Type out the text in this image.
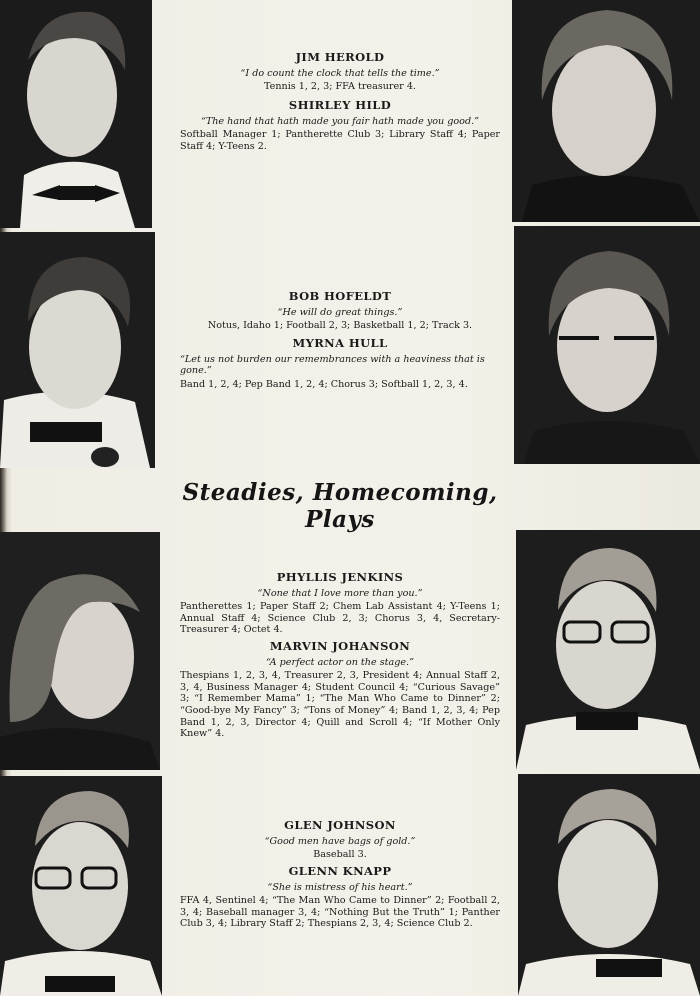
JIM HEROLD
“I do count the clock that tells the time.”
Tennis 1, 2, 3; FFA treasurer 4.
SHIRLEY HILD
“The hand that hath made you fair hath made you good.”
Softball Manager 1; Pantherette Club 3; Library Staff 4; Paper Staff 4; Y-Teens 2.
BOB HOFELDT
“He will do great things.”
Notus, Idaho 1; Football 2, 3; Basketball 1, 2; Track 3.
MYRNA HULL
“Let us not burden our remembrances with a heaviness that is gone.”
Band 1, 2, 4; Pep Band 1, 2, 4; Chorus 3; Softball 1, 2, 3, 4.
Steadies, Homecoming, Plays
PHYLLIS JENKINS
“None that I love more than you.”
Pantherettes 1; Paper Staff 2; Chem Lab Assistant 4; Y-Teens 1; Annual Staff 4; Science Club 2, 3; Chorus 3, 4, Secretary-Treasurer 4; Octet 4.
MARVIN JOHANSON
“A perfect actor on the stage.”
Thespians 1, 2, 3, 4, Treasurer 2, 3, President 4; Annual Staff 2, 3, 4, Business Manager 4; Student Council 4; “Curious Savage” 3; “I Remember Mama” 1; “The Man Who Came to Dinner” 2; “Good-bye My Fancy” 3; “Tons of Money” 4; Band 1, 2, 3, 4; Pep Band 1, 2, 3, Director 4; Quill and Scroll 4; “If Mother Only Knew” 4.
GLEN JOHNSON
“Good men have bags of gold.”
Baseball 3.
GLENN KNAPP
“She is mistress of his heart.”
FFA 4, Sentinel 4; “The Man Who Came to Dinner” 2; Football 2, 3, 4; Baseball manager 3, 4; “Nothing But the Truth” 1; Panther Club 3, 4; Library Staff 2; Thespians 2, 3, 4; Science Club 2.
